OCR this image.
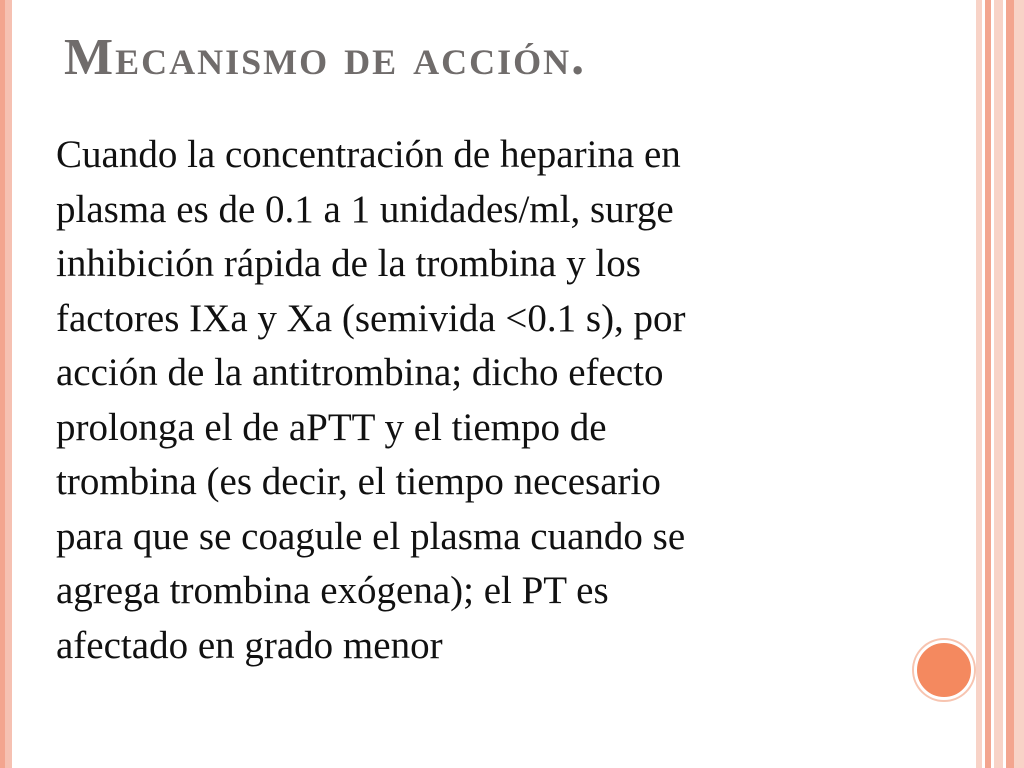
Mecanismo de acción.

Cuando la concentración de heparina en
plasma es de 0.1 a 1 unidades/ml, surge
inhibición rápida de la trombina y los
factores IXa y Xa (semivida <0.1 s), por
acción de la antitrombina; dicho efecto
prolonga el de aPTT y el tiempo de
trombina (es decir, el tiempo necesario
para que se coagule el plasma cuando se
agrega trombina exógena); el PT es
afectado en grado menor
